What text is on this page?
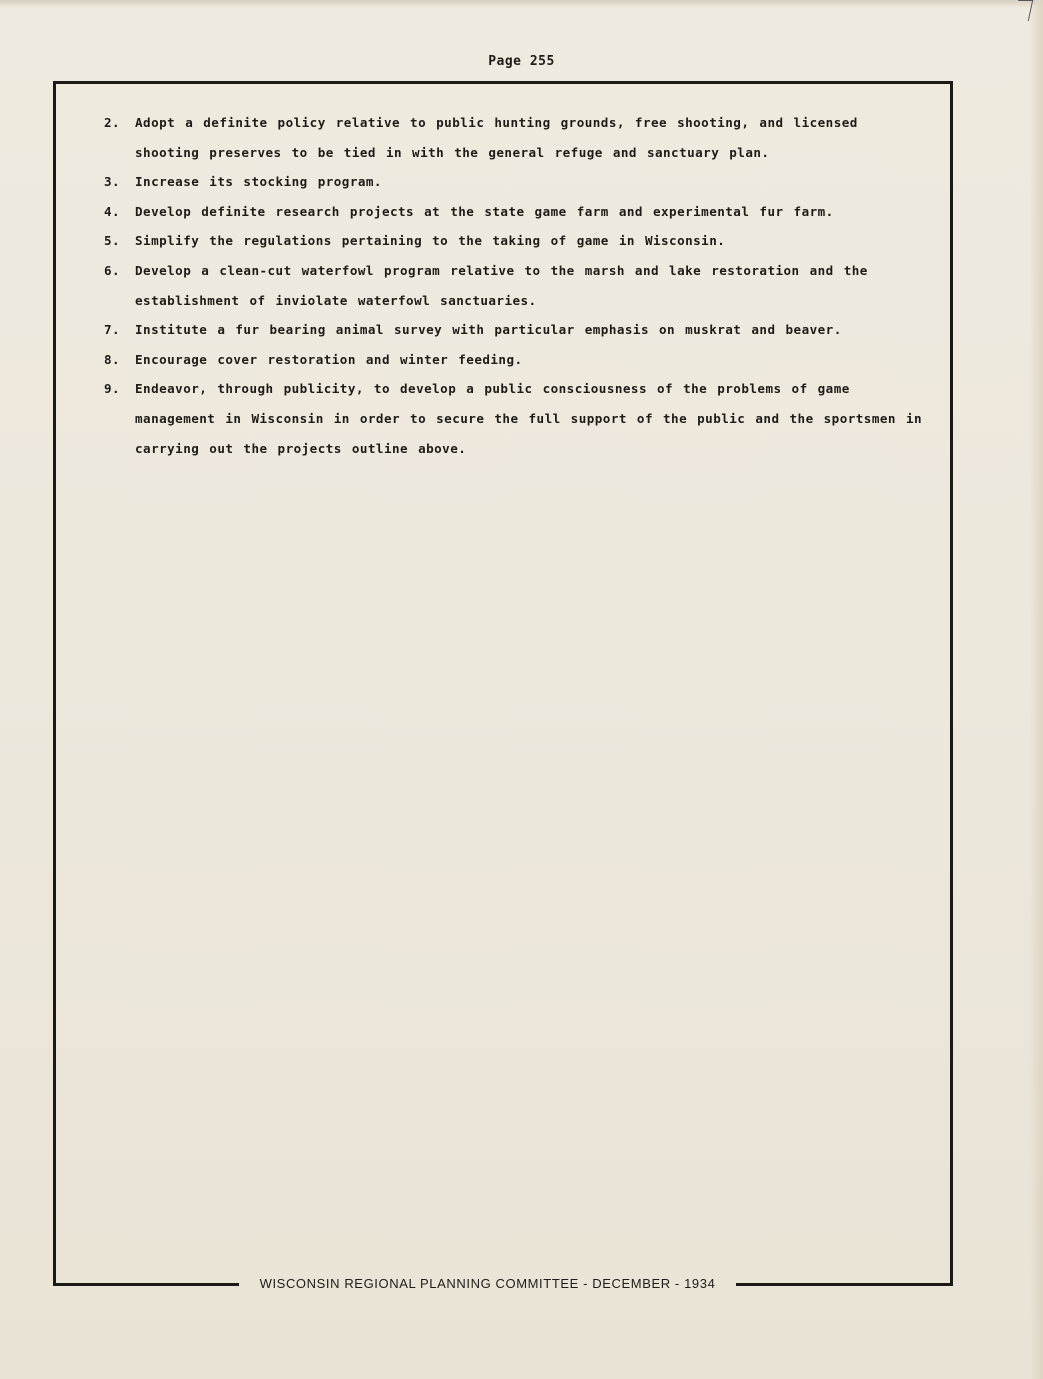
Page 255
WISCONSIN REGIONAL PLANNING COMMITTEE - DECEMBER - 1934
2.	Adopt a definite policy relative to public hunting grounds, free shooting, and licensed shooting preserves to be tied in with the general refuge and sanctuary plan.
3.	Increase its stocking program.
4.	Develop definite research projects at the state game farm and experimental fur farm.
5.	Simplify the regulations pertaining to the taking of game in Wisconsin.
6.	Develop a clean-cut waterfowl program relative to the marsh and lake restoration and the establishment of inviolate waterfowl sanctuaries.
7.	Institute a fur bearing animal survey with particular emphasis on muskrat and beaver.
8.	Encourage cover restoration and winter feeding.
9.	Endeavor, through publicity, to develop a public consciousness of the problems of game management in Wisconsin in order to secure the full support of the public and the sportsmen in carrying out the projects outline above.
